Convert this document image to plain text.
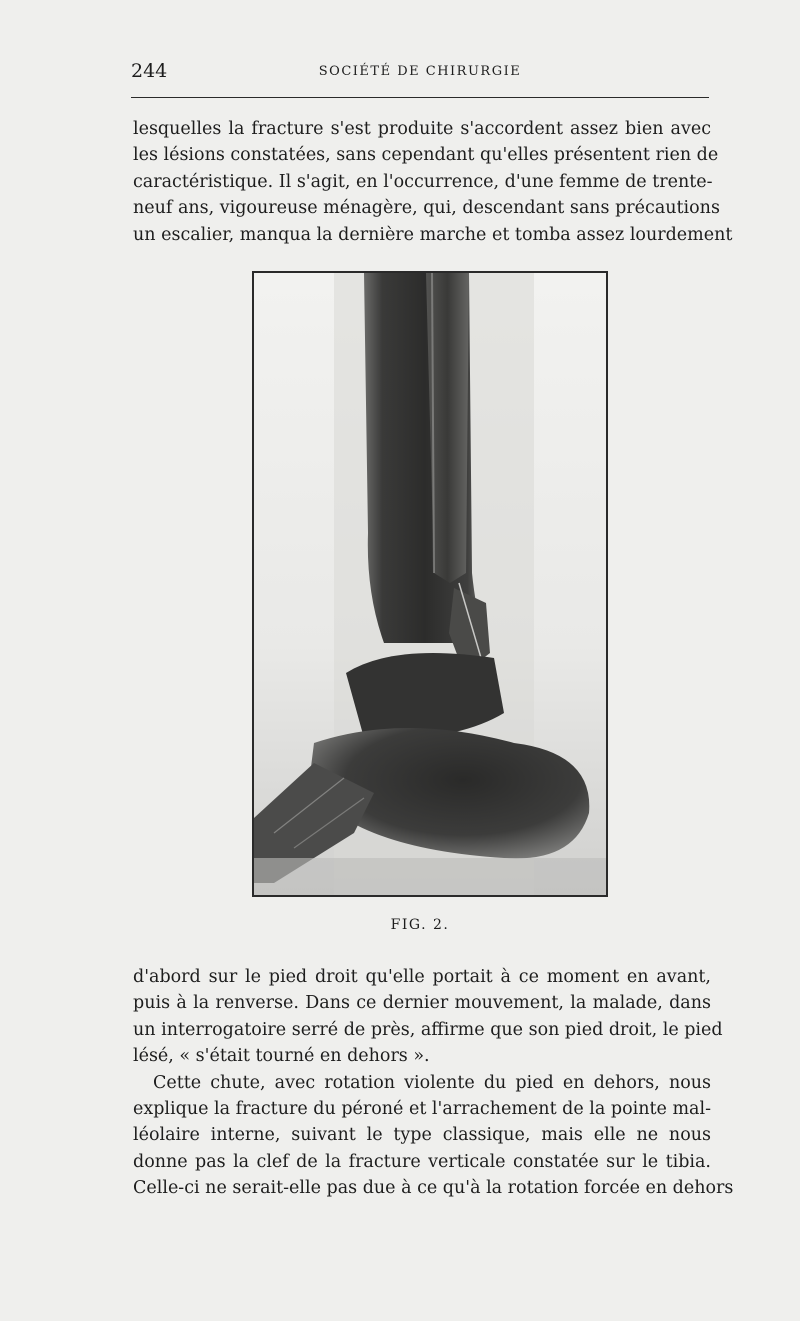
244	SOCIÉTÉ DE CHIRURGIE

lesquelles la fracture s'est produite s'accordent assez bien avec
les lésions constatées, sans cependant qu'elles présentent rien de
caractéristique. Il s'agit, en l'occurrence, d'une femme de trente-
neuf ans, vigoureuse ménagère, qui, descendant sans précautions
un escalier, manqua la dernière marche et tomba assez lourdement

FIG. 2.

d'abord sur le pied droit qu'elle portait à ce moment en avant,
puis à la renverse. Dans ce dernier mouvement, la malade, dans
un interrogatoire serré de près, affirme que son pied droit, le pied
lésé, « s'était tourné en dehors ».
Cette chute, avec rotation violente du pied en dehors, nous
explique la fracture du péroné et l'arrachement de la pointe mal-
léolaire interne, suivant le type classique, mais elle ne nous
donne pas la clef de la fracture verticale constatée sur le tibia.
Celle-ci ne serait-elle pas due à ce qu'à la rotation forcée en dehors
